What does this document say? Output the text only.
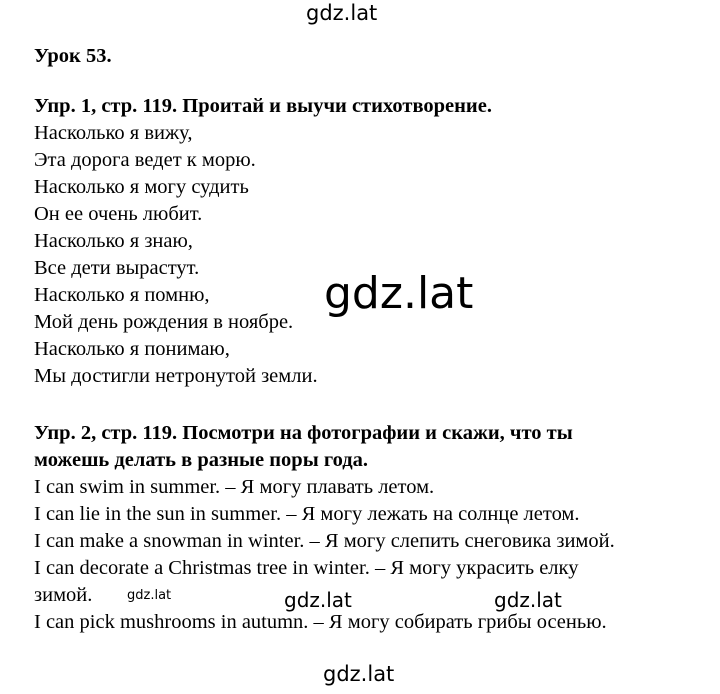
gdz.lat
gdz.lat
gdz.lat	gdz.lat	gdz.lat
gdz.lat
Урок 53.
Упр. 1, стр. 119. Проитай и выучи стихотворение.
Насколько я вижу,
Эта дорога ведет к морю.
Насколько я могу судить
Он ее очень любит.
Насколько я знаю,
Все дети вырастут.
Насколько я помню,
Мой день рождения в ноябре.
Насколько я понимаю,
Мы достигли нетронутой земли.
Упр. 2, стр. 119. Посмотри на фотографии и скажи, что ты
можешь делать в разные поры года.
I can swim in summer. – Я могу плавать летом.
I can lie in the sun in summer. – Я могу лежать на солнце летом.
I can make a snowman in winter. – Я могу слепить снеговика зимой.
I can decorate a Christmas tree in winter. – Я могу украсить елку
зимой.
I can pick mushrooms in autumn. – Я могу собирать грибы осенью.
